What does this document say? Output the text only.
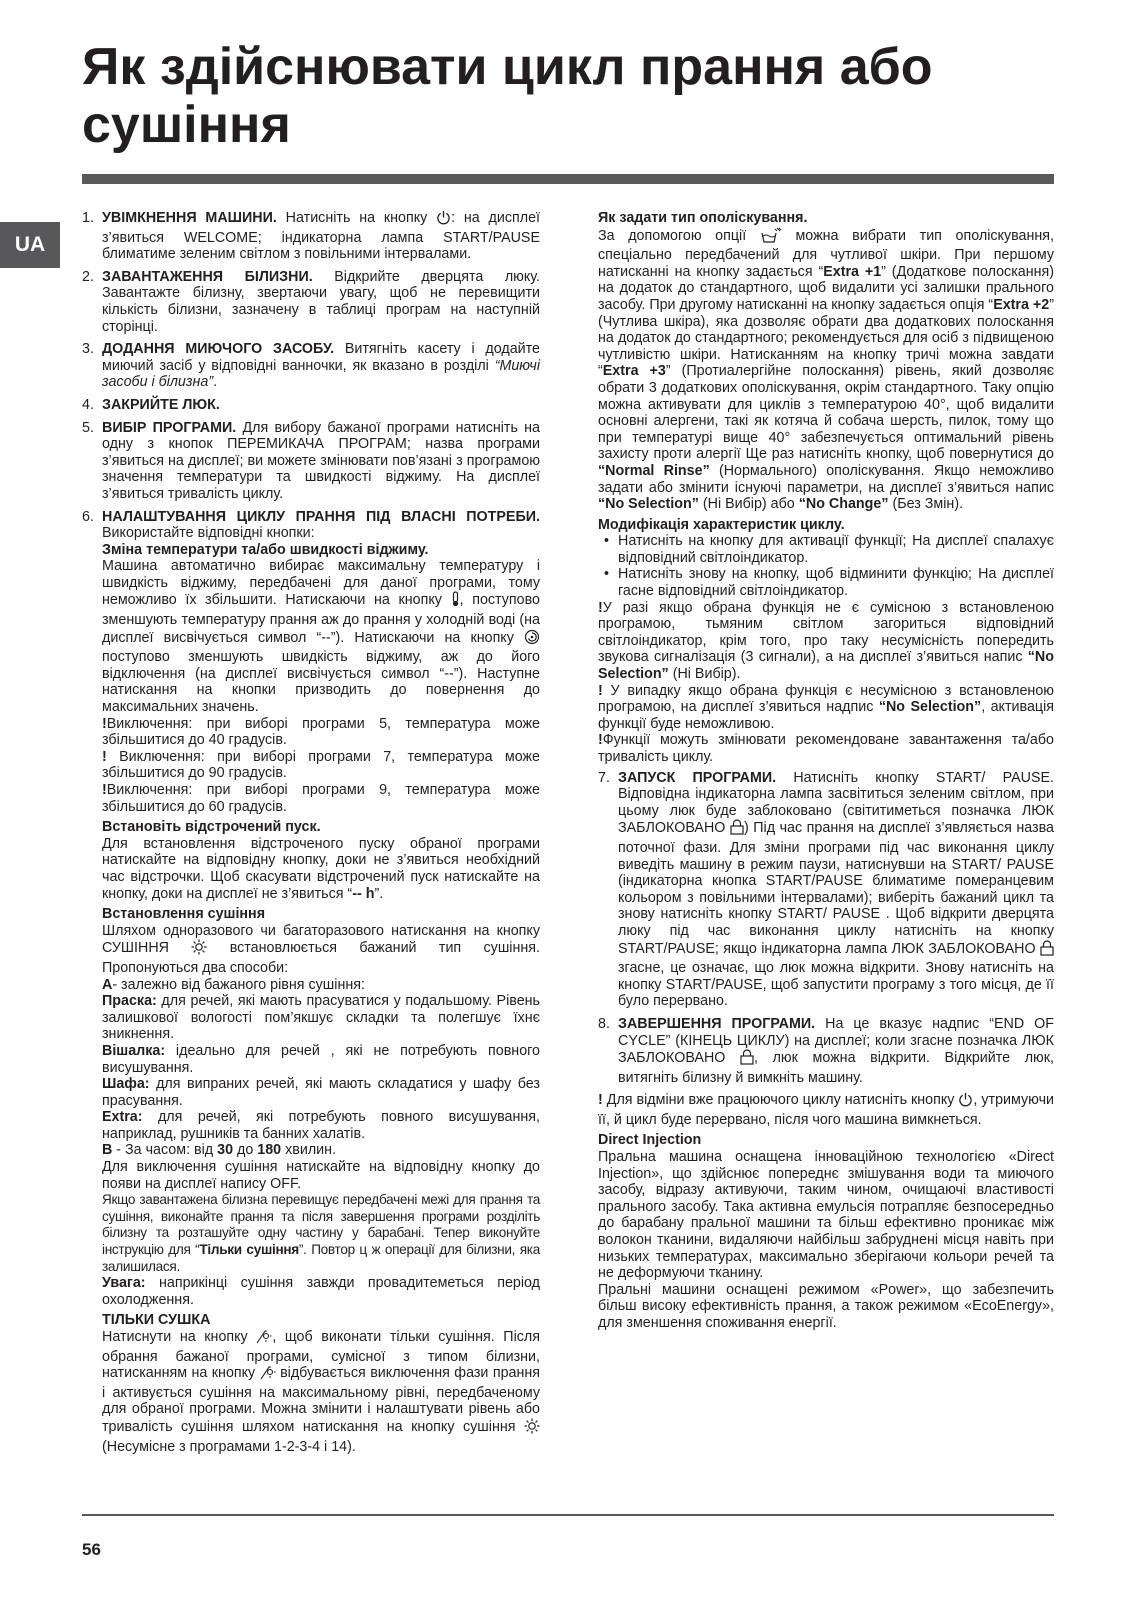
Як здійснювати цикл прання або сушіння
UA
1. УВІМКНЕННЯ МАШИНИ. Натисніть на кнопку : на дисплеї з’явиться WELCOME; індикаторна лампа START/PAUSE блиматиме зеленим світлом з повільними інтервалами.
2. ЗАВАНТАЖЕННЯ БІЛИЗНИ. Відкрийте дверцята люку. Завантажте білизну, звертаючи увагу, щоб не перевищити кількість білизни, зазначену в таблиці програм на наступній сторінці.
3. ДОДАННЯ МИЮЧОГО ЗАСОБУ. Витягніть касету і додайте миючий засіб у відповідні ванночки, як вказано в розділі “Миючі засоби і білизна”.
4. ЗАКРИЙТЕ ЛЮК.
5. ВИБІР ПРОГРАМИ. Для вибору бажаної програми натисніть на одну з кнопок ПЕРЕМИКАЧА ПРОГРАМ; назва програми з’явиться на дисплеї; ви можете змінювати пов’язані з програмою значення температури та швидкості віджиму. На дисплеї з’явиться тривалість циклу.
6. НАЛАШТУВАННЯ ЦИКЛУ ПРАННЯ ПІД ВЛАСНІ ПОТРЕБИ. Використайте відповідні кнопки:
Зміна температури та/або швидкості віджиму.

Машина автоматично вибирає максимальну температуру і швидкість віджиму, передбачені для даної програми, тому неможливо їх збільшити. Натискаючи на кнопку , поступово зменшують температуру прання аж до прання у холодній воді (на дисплеї висвічується символ “--”). Натискаючи на кнопку  поступово зменшують швидкість віджиму, аж до його відключення (на дисплеї висвічується символ “--”). Наступне натискання на кнопки призводить до повернення до максимальних значень.

!Виключення: при виборі програми 5, температура може збільшитися до 40 градусів.

! Виключення: при виборі програми 7, температура може збільшитися до 90 градусів.

!Виключення: при виборі програми 9, температура може збільшитися до 60 градусів.

Встановіть відстрочений пуск.

Для встановлення відстроченого пуску обраної програми натискайте на відповідну кнопку, доки не з’явиться необхідний час відстрочки. Щоб скасувати відстрочений пуск натискайте на кнопку, доки на дисплеї не з’явиться “-- h”.

Встановлення сушіння

Шляхом одноразового чи багаторазового натискання на кнопку СУШІННЯ  встановлюється бажаний тип сушіння. Пропонуються два способи:

А- залежно від бажаного рівня сушіння:

Праска: для речей, які мають прасуватися у подальшому. Рівень залишкової вологості пом’якшує складки та полегшує їхнє зникнення.

Вішалка: ідеально для речей , які не потребують повного висушування.

Шафа: для випраних речей, які мають складатися у шафу без прасування.

Extra: для речей, які потребують повного висушування, наприклад, рушників та банних халатів.

В - За часом: від 30 до 180 хвилин.

Для виключення сушіння натискайте на відповідну кнопку до появи на дисплеї напису OFF.

Якщо завантажена білизна перевищує передбачені межі для прання та сушіння, виконайте прання та після завершення програми розділіть білизну та розташуйте одну частину у барабані. Тепер виконуйте інструкцію для “Тільки сушіння”. Повтор ц ж операції для білизни, яка залишилася.

Увага: наприкінці сушіння завжди провадитеметься період охолодження.

ТІЛЬКИ СУШКА

Натиснути на кнопку , щоб виконати тільки сушіння. Після обрання бажаної програми, сумісної з типом білизни, натисканням на кнопку  відбувається виключення фази прання і активується сушіння на максимальному рівні, передбаченому для обраної програми. Можна змінити і налаштувати рівень або тривалість сушіння шляхом натискання на кнопку сушіння  (Несумісне з програмами 1-2-3-4 і 14).

Як задати тип ополіскування.

За допомогою опції  можна вибрати тип ополіскування, спеціально передбачений для чутливої шкіри. При першому натисканні на кнопку задається “Extra +1” (Додаткове полоскання) на додаток до стандартного, щоб видалити усі залишки прального засобу. При другому натисканні на кнопку задається опція “Extra +2” (Чутлива шкіра), яка дозволяє обрати два додаткових полоскання на додаток до стандартного; рекомендується для осіб з підвищеною чутливістю шкіри. Натисканням на кнопку тричі можна завдати “Extra +3” (Протиалергійне полоскання) рівень, який дозволяє обрати 3 додаткових ополіскування, окрім стандартного. Таку опцію можна активувати для циклів з температурою 40°, щоб видалити основні алергени, такі як котяча й собача шерсть, пилок, тому що при температурі вище 40° забезпечується оптимальний рівень захисту проти алергії Ще раз натисніть кнопку, щоб повернутися до “Normal Rinse” (Нормального) ополіскування. Якщо неможливо задати або змінити існуючі параметри, на дисплеї з’явиться напис “No Selection” (Ні Вибір) або “No Change” (Без Змін).

Модифікація характеристик циклу.
• Натисніть на кнопку для активації функції; На дисплеї спалахує відповідний світлоіндикатор.
• Натисніть знову на кнопку, щоб відминити функцію; На дисплеї гасне відповідний світлоіндикатор.

!У разі якщо обрана функція не є сумісною з встановленою програмою, тьмяним світлом загориться відповідний світлоіндикатор, крім того, про таку несумісність попередить звукова сигналізація (3 сигнали), а на дисплеї з’явиться напис “No Selection” (Ні Вибір).

! У випадку якщо обрана функція є несумісною з встановленою програмою, на дисплеї з’явиться надпис “No Selection”, активація функції буде неможливою.

!Функції можуть змінювати рекомендоване завантаження та/або тривалість циклу.

7. ЗАПУСК ПРОГРАМИ. Натисніть кнопку START/ PAUSE. Відповідна індикаторна лампа засвітиться зеленим світлом, при цьому люк буде заблоковано (світитиметься позначка ЛЮК ЗАБЛОКОВАНО ) Під час прання на дисплеї з’являється назва поточної фази. Для зміни програми під час виконання циклу виведіть машину в режим паузи, натиснувши на START/ PAUSE (індикаторна кнопка START/PAUSE блиматиме померанцевим кольором з повільними інтервалами); виберіть бажаний цикл та знову натисніть кнопку START/ PAUSE . Щоб відкрити дверцята люку під час виконання циклу натисніть на кнопку START/PAUSE; якщо індикаторна лампа ЛЮК ЗАБЛОКОВАНО  згасне, це означає, що люк можна відкрити. Знову натисніть на кнопку START/PAUSE, щоб запустити програму з того місця, де її було перервано.
8. ЗАВЕРШЕННЯ ПРОГРАМИ. На це вказує надпис “END OF CYCLE” (КІНЕЦЬ ЦИКЛУ) на дисплеї; коли згасне позначка ЛЮК ЗАБЛОКОВАНО , люк можна відкрити. Відкрийте люк, витягніть білизну й вимкніть машину.

! Для відміни вже працюючого циклу натисніть кнопку , утримуючи її, й цикл буде перервано, після чого машина вимкнеться.

Direct Injection

Пральна машина оснащена інноваційною технологією «Direct Injection», що здійснює попереднє змішування води та миючого засобу, відразу активуючи, таким чином, очищаючі властивості прального засобу. Така активна емульсія потрапляє безпосередньо до барабану пральної машини та більш ефективно проникає між волокон тканини, видаляючи найбільш забруднені місця навіть при низьких температурах, максимально зберігаючи кольори речей та не деформуючи тканину.

Пральні машини оснащені режимом «Power», що забезпечить більш високу ефективність прання, а також режимом «EcoEnergy», для зменшення споживання енергії.

56
